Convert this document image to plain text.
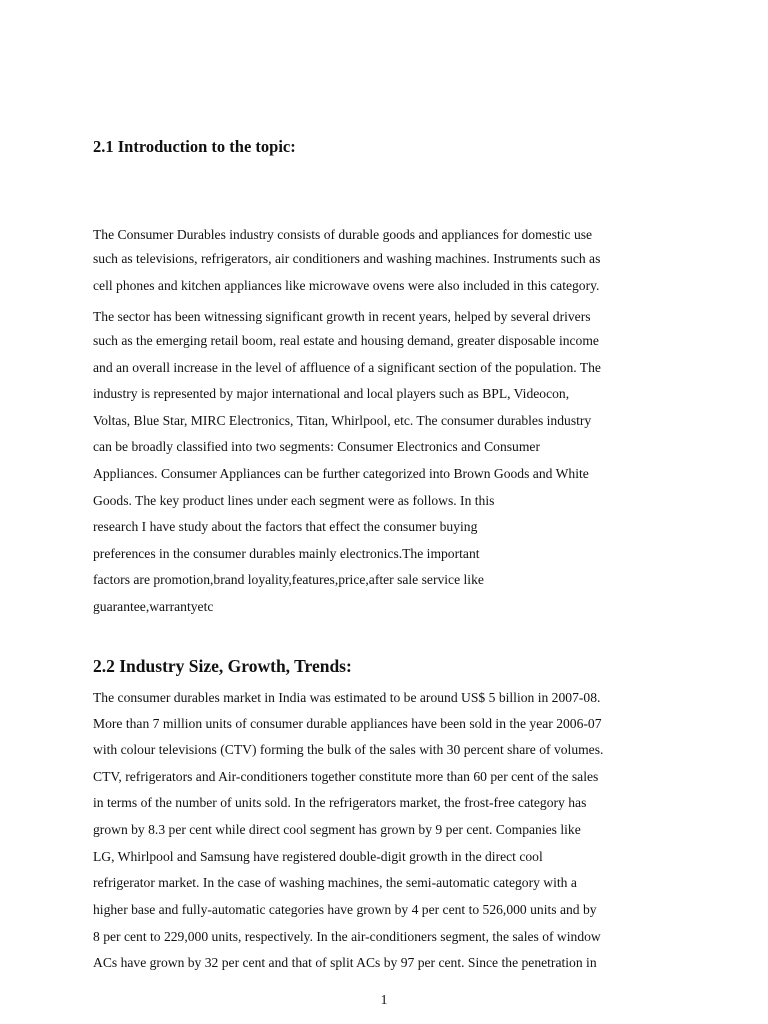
2.1 Introduction to the topic:

The Consumer Durables industry consists of durable goods and appliances for domestic use

such as televisions, refrigerators, air conditioners and washing machines. Instruments such as

cell phones and kitchen appliances like microwave ovens were also included in this category.

The sector has been witnessing significant growth in recent years, helped by several drivers

such as the emerging retail boom, real estate and housing demand, greater disposable income

and an overall increase in the level of affluence of a significant section of the population. The

industry is represented by major international and local players such as BPL, Videocon,

Voltas, Blue Star, MIRC Electronics, Titan, Whirlpool, etc. The consumer durables industry

can be broadly classified into two segments: Consumer Electronics and Consumer

Appliances. Consumer Appliances can be further categorized into Brown Goods and White

Goods. The key product lines under each segment were as follows. In this

research I have study about the factors that effect the consumer buying

preferences in the consumer durables mainly electronics.The important

factors are promotion,brand loyality,features,price,after sale service like

guarantee,warrantyetc

2.2 Industry Size, Growth, Trends:

The consumer durables market in India was estimated to be around US$ 5 billion in 2007-08.

More than 7 million units of consumer durable appliances have been sold in the year 2006-07

with colour televisions (CTV) forming the bulk of the sales with 30 percent share of volumes.

CTV, refrigerators and Air-conditioners together constitute more than 60 per cent of the sales

in terms of the number of units sold. In the refrigerators market, the frost-free category has

grown by 8.3 per cent while direct cool segment has grown by 9 per cent. Companies like

LG, Whirlpool and Samsung have registered double-digit growth in the direct cool

refrigerator market. In the case of washing machines, the semi-automatic category with a

higher base and fully-automatic categories have grown by 4 per cent to 526,000 units and by

8 per cent to 229,000 units, respectively. In the air-conditioners segment, the sales of window

ACs have grown by 32 per cent and that of split ACs by 97 per cent. Since the penetration in

1
